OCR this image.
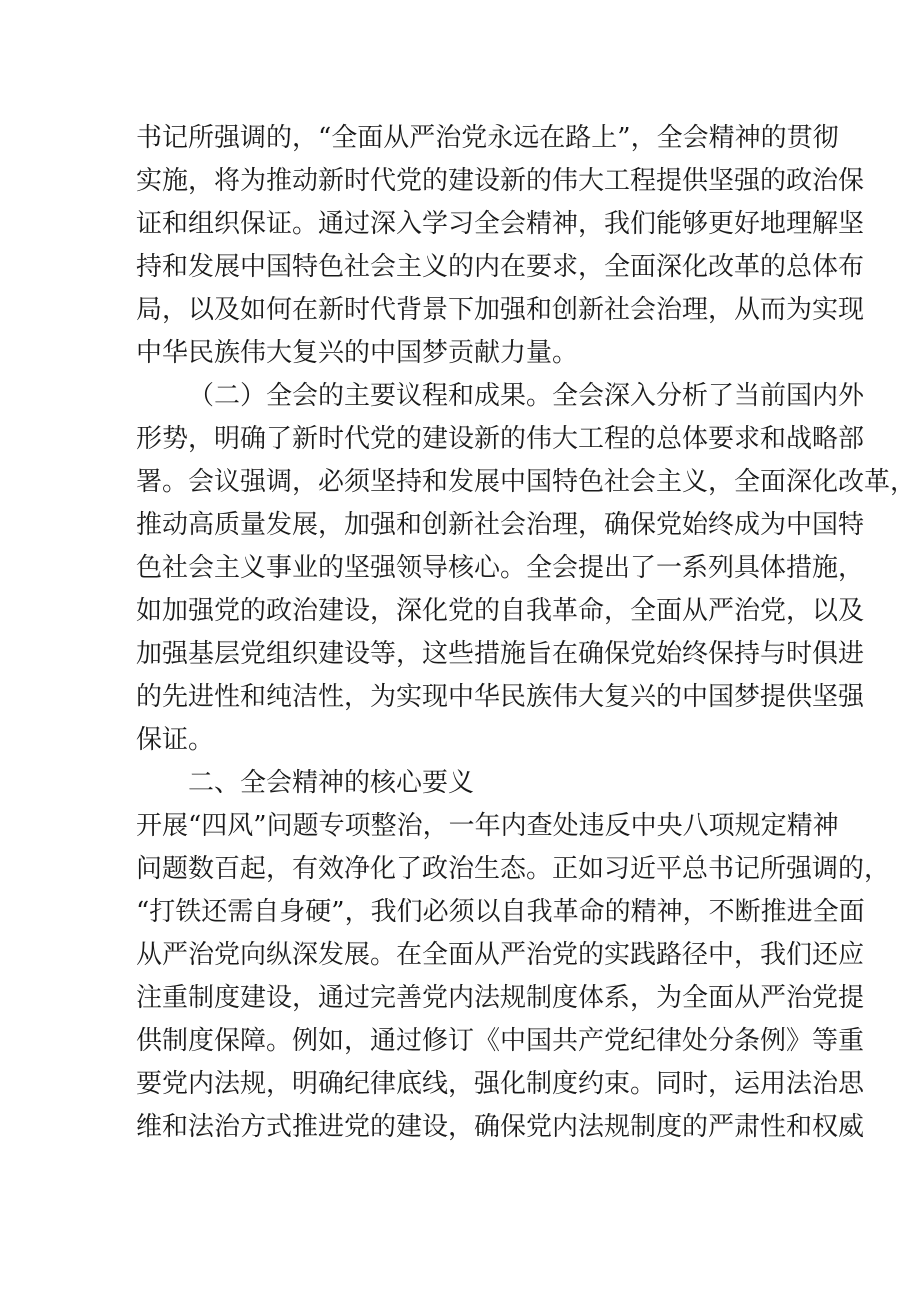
书记所强调的，“全面从严治党永远在路上”，全会精神的贯彻
实施，将为推动新时代党的建设新的伟大工程提供坚强的政治保
证和组织保证。通过深入学习全会精神，我们能够更好地理解坚
持和发展中国特色社会主义的内在要求，全面深化改革的总体布
局，以及如何在新时代背景下加强和创新社会治理，从而为实现
中华民族伟大复兴的中国梦贡献力量。
（二）全会的主要议程和成果。全会深入分析了当前国内外
形势，明确了新时代党的建设新的伟大工程的总体要求和战略部
署。会议强调，必须坚持和发展中国特色社会主义，全面深化改革，
推动高质量发展，加强和创新社会治理，确保党始终成为中国特
色社会主义事业的坚强领导核心。全会提出了一系列具体措施，
如加强党的政治建设，深化党的自我革命，全面从严治党，以及
加强基层党组织建设等，这些措施旨在确保党始终保持与时俱进
的先进性和纯洁性，为实现中华民族伟大复兴的中国梦提供坚强
保证。
二、全会精神的核心要义
开展“四风”问题专项整治，一年内查处违反中央八项规定精神
问题数百起，有效净化了政治生态。正如习近平总书记所强调的，
“打铁还需自身硬”，我们必须以自我革命的精神，不断推进全面
从严治党向纵深发展。在全面从严治党的实践路径中，我们还应
注重制度建设，通过完善党内法规制度体系，为全面从严治党提
供制度保障。例如，通过修订《中国共产党纪律处分条例》等重
要党内法规，明确纪律底线，强化制度约束。同时，运用法治思
维和法治方式推进党的建设，确保党内法规制度的严肃性和权威
